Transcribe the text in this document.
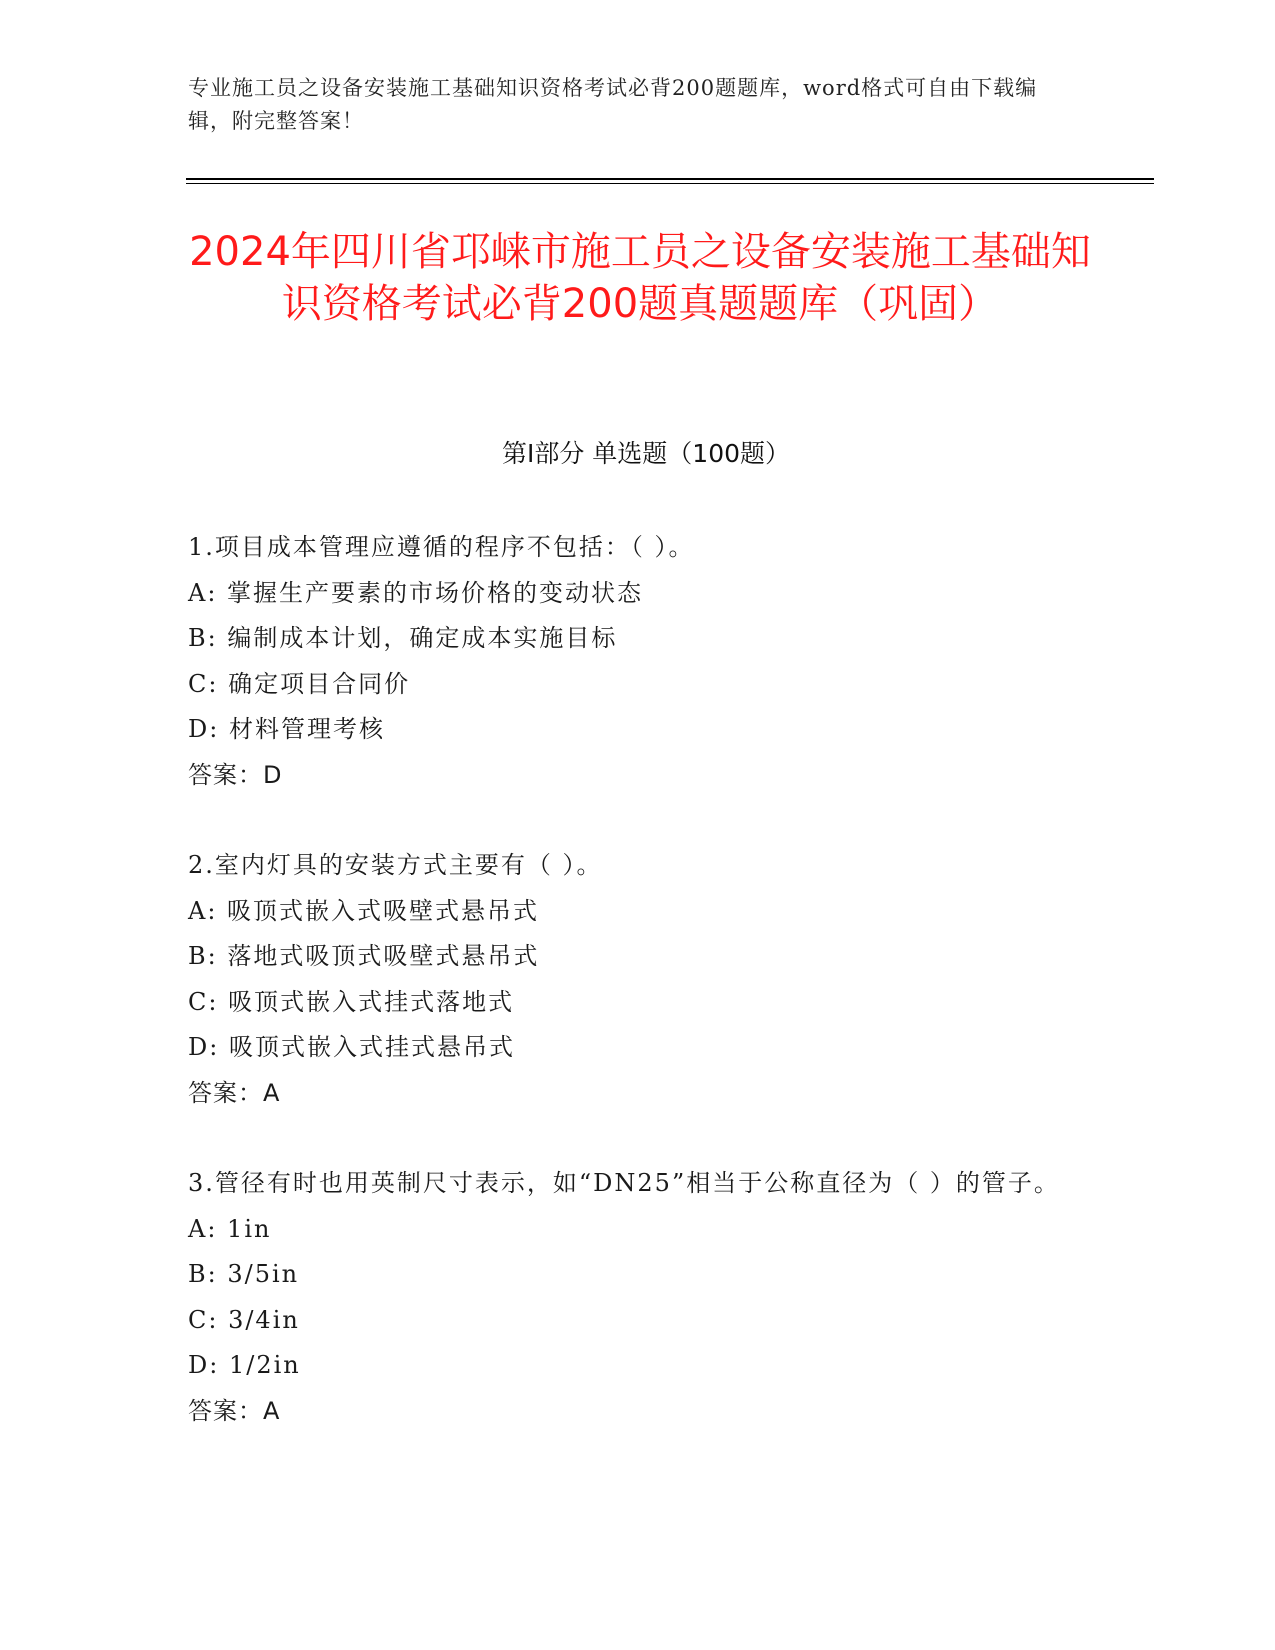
专业施工员之设备安装施工基础知识资格考试必背200题题库，word格式可自由下载编辑，附完整答案！
2024年四川省邛崃市施工员之设备安装施工基础知识资格考试必背200题真题题库（巩固）
第I部分 单选题（100题）

1.项目成本管理应遵循的程序不包括：（ ）。

A: 掌握生产要素的市场价格的变动状态

B: 编制成本计划，确定成本实施目标

C: 确定项目合同价

D: 材料管理考核

答案：D

2.室内灯具的安装方式主要有（ ）。

A: 吸顶式嵌入式吸壁式悬吊式

B: 落地式吸顶式吸壁式悬吊式

C: 吸顶式嵌入式挂式落地式

D: 吸顶式嵌入式挂式悬吊式

答案：A

3.管径有时也用英制尺寸表示，如“DN25”相当于公称直径为（ ）的管子。

A: 1in

B: 3/5in

C: 3/4in

D: 1/2in

答案：A
